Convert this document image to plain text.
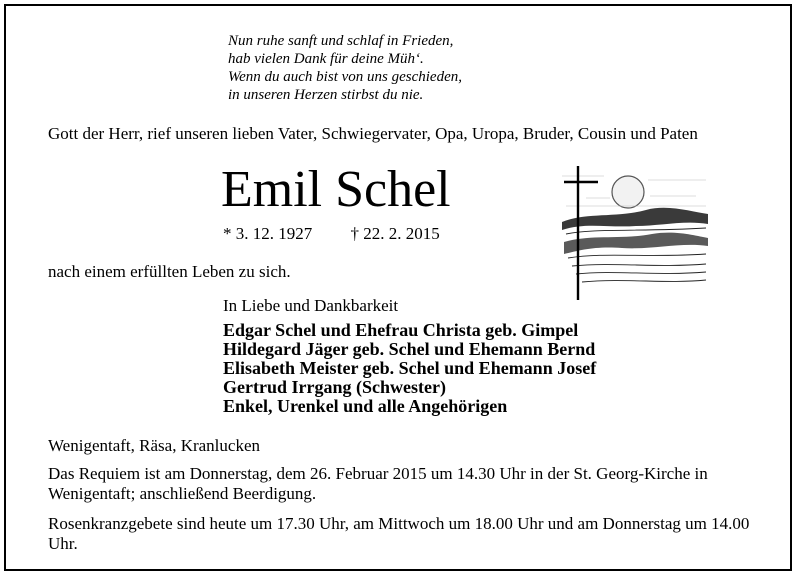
Nun ruhe sanft und schlaf in Frieden,
hab vielen Dank für deine Müh‘.
Wenn du auch bist von uns geschieden,
in unseren Herzen stirbst du nie.
Gott der Herr, rief unseren lieben Vater, Schwiegervater, Opa, Uropa, Bruder, Cousin und Paten
Emil Schel
* 3. 12. 1927 † 22. 2. 2015
nach einem erfüllten Leben zu sich.
In Liebe und Dankbarkeit
Edgar Schel und Ehefrau Christa geb. Gimpel
Hildegard Jäger geb. Schel und Ehemann Bernd
Elisabeth Meister geb. Schel und Ehemann Josef
Gertrud Irrgang (Schwester)
Enkel, Urenkel und alle Angehörigen
Wenigentaft, Räsa, Kranlucken
Das Requiem ist am Donnerstag, dem 26. Februar 2015 um 14.30 Uhr in der St. Georg-Kirche in Wenigentaft; anschließend Beerdigung.
Rosenkranzgebete sind heute um 17.30 Uhr, am Mittwoch um 18.00 Uhr und am Donnerstag um 14.00 Uhr.
